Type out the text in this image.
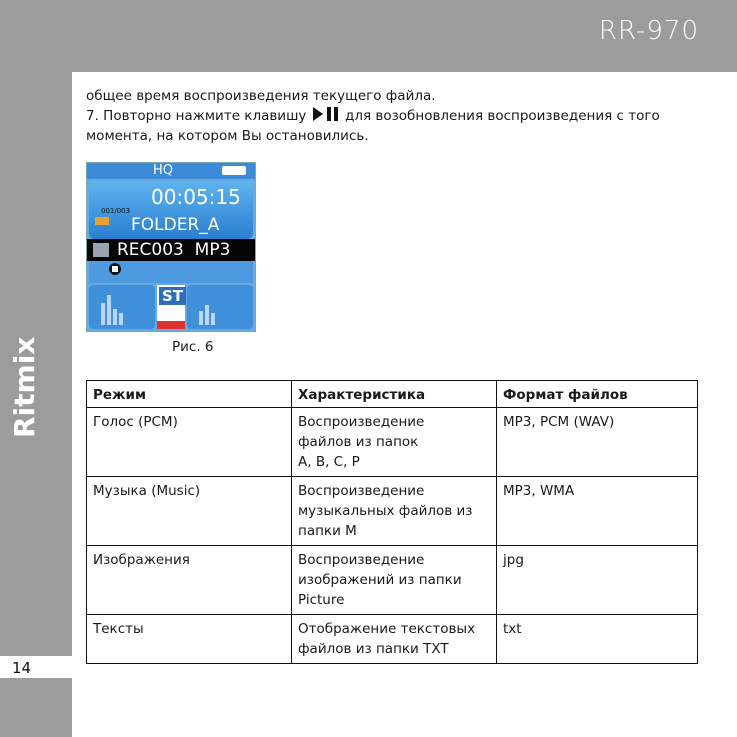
RR-970
Ritmix
14
общее время воспроизведения текущего файла.
7. Повторно нажмите клавишу	для возобновления воспроизведения с того
момента, на котором Вы остановились.
HQ
00:05:15
001/003
FOLDER_A
REC003  MP3
ST
Рис. 6
Режим	Характеристика	Формат файлов
Голос (PCM)	Воспроизведение
файлов из папок
A, B, C, P	MP3, PCM (WAV)
Музыка (Music)	Воспроизведение
музыкальных файлов из
папки M	MP3, WMA
Изображения	Воспроизведение
изображений из папки
Picture	jpg
Тексты	Отображение текстовых
файлов из папки TXT	txt
